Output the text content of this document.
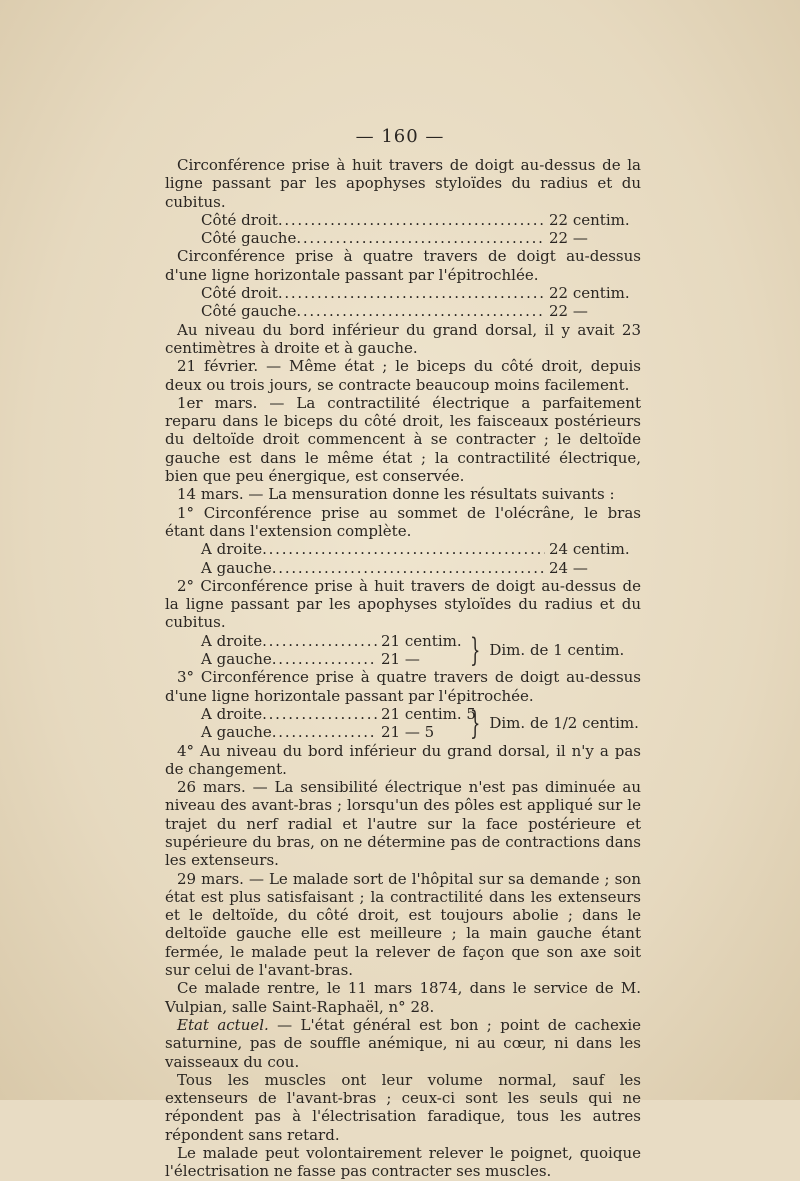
— 160 —

Circonférence prise à huit travers de doigt au-dessus de la ligne passant par les apophyses styloïdes du radius et du cubitus.

Côté droit . . .	22 centim.
Côté gauche . . .	22 —

Circonférence prise à quatre travers de doigt au-dessus d'une ligne horizontale passant par l'épitrochlée.

Côté droit . . .	22 centim.
Côté gauche . . .	22 —

Au niveau du bord inférieur du grand dorsal, il y avait 23 centimètres à droite et à gauche.

21 février. — Même état ; le biceps du côté droit, depuis deux ou trois jours, se contracte beaucoup moins facilement.

1er mars. — La contractilité électrique a parfaitement reparu dans le biceps du côté droit, les faisceaux postérieurs du deltoïde droit commencent à se contracter ; le deltoïde gauche est dans le même état ; la contractilité électrique, bien que peu énergique, est conservée.

14 mars. — La mensuration donne les résultats suivants :

1° Circonférence prise au sommet de l'olécrâne, le bras étant dans l'extension complète.

A droite . . .	24 centim.
A gauche . . .	24 —

2° Circonférence prise à huit travers de doigt au-dessus de la ligne passant par les apophyses styloïdes du radius et du cubitus.

A droite . . .	21 centim.
A gauche . . .	21 —	} Dim. de 1 centim.

3° Circonférence prise à quatre travers de doigt au-dessus d'une ligne horizontale passant par l'épitrochée.

A droite . . .	21 centim. 5
A gauche . . .	21 — 5	} Dim. de 1/2 centim.

4° Au niveau du bord inférieur du grand dorsal, il n'y a pas de changement.

26 mars. — La sensibilité électrique n'est pas diminuée au niveau des avant-bras ; lorsqu'un des pôles est appliqué sur le trajet du nerf radial et l'autre sur la face postérieure et supérieure du bras, on ne détermine pas de contractions dans les extenseurs.

29 mars. — Le malade sort de l'hôpital sur sa demande ; son état est plus satisfaisant ; la contractilité dans les extenseurs et le deltoïde, du côté droit, est toujours abolie ; dans le deltoïde gauche elle est meilleure ; la main gauche étant fermée, le malade peut la relever de façon que son axe soit sur celui de l'avant-bras.

Ce malade rentre, le 11 mars 1874, dans le service de M. Vulpian, salle Saint-Raphaël, n° 28.

Etat actuel. — L'état général est bon ; point de cachexie saturnine, pas de souffle anémique, ni au cœur, ni dans les vaisseaux du cou.

Tous les muscles ont leur volume normal, sauf les extenseurs de l'avant-bras ; ceux-ci sont les seuls qui ne répondent pas à l'électrisation faradique, tous les autres répondent sans retard.

Le malade peut volontairement relever le poignet, quoique l'électrisation ne fasse pas contracter ses muscles.
